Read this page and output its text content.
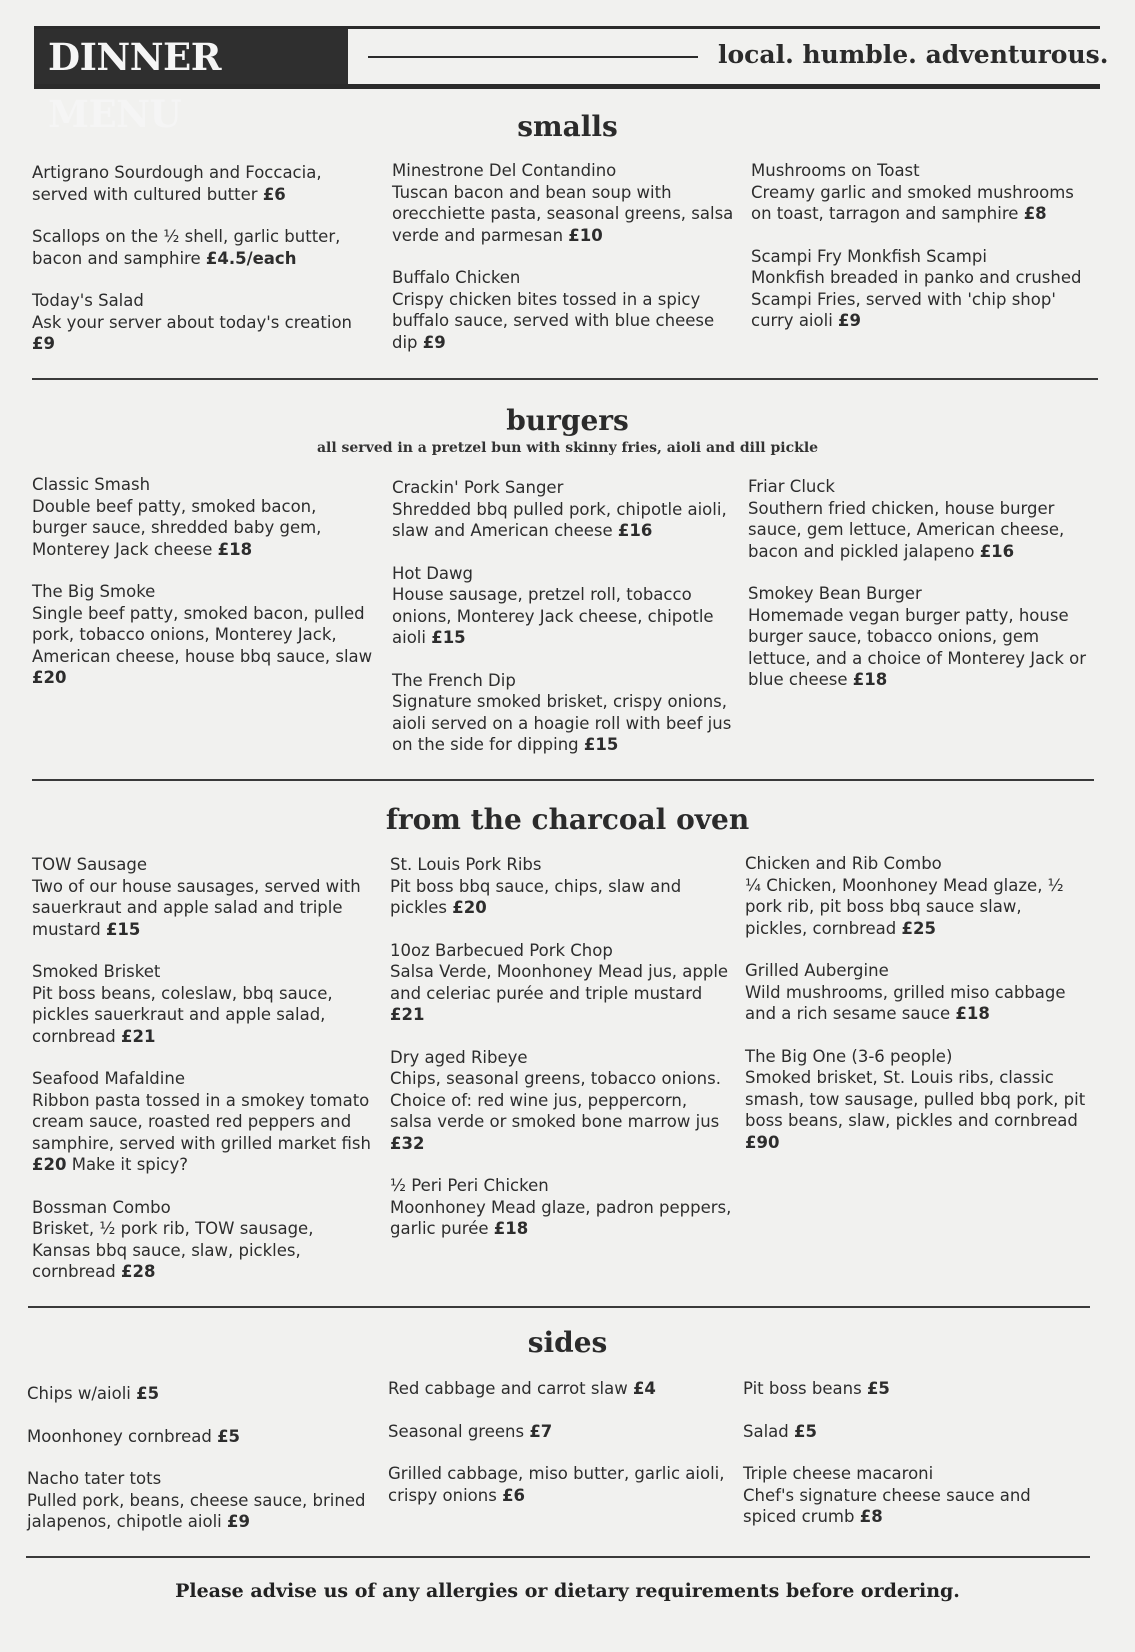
DINNER MENU
local. humble. adventurous.
smalls
Artigrano Sourdough and Foccacia, served with cultured butter £6
Scallops on the ½ shell, garlic butter, bacon and samphire £4.5/each
Today's Salad
Ask your server about today's creation £9
Minestrone Del Contandino
Tuscan bacon and bean soup with orecchiette pasta, seasonal greens, salsa verde and parmesan £10
Buffalo Chicken
Crispy chicken bites tossed in a spicy buffalo sauce, served with blue cheese dip £9
Mushrooms on Toast
Creamy garlic and smoked mushrooms on toast, tarragon and samphire £8
Scampi Fry Monkfish Scampi
Monkfish breaded in panko and crushed Scampi Fries, served with 'chip shop' curry aioli £9
burgers
all served in a pretzel bun with skinny fries, aioli and dill pickle
Classic Smash
Double beef patty, smoked bacon, burger sauce, shredded baby gem, Monterey Jack cheese £18
The Big Smoke
Single beef patty, smoked bacon, pulled pork, tobacco onions, Monterey Jack, American cheese, house bbq sauce, slaw £20
Crackin' Pork Sanger
Shredded bbq pulled pork, chipotle aioli, slaw and American cheese £16
Hot Dawg
House sausage, pretzel roll, tobacco onions, Monterey Jack cheese, chipotle aioli £15
The French Dip
Signature smoked brisket, crispy onions, aioli served on a hoagie roll with beef jus on the side for dipping £15
Friar Cluck
Southern fried chicken, house burger sauce, gem lettuce, American cheese, bacon and pickled jalapeno £16
Smokey Bean Burger
Homemade vegan burger patty, house burger sauce, tobacco onions, gem lettuce, and a choice of Monterey Jack or blue cheese £18
from the charcoal oven
TOW Sausage
Two of our house sausages, served with sauerkraut and apple salad and triple mustard £15
Smoked Brisket
Pit boss beans, coleslaw, bbq sauce, pickles sauerkraut and apple salad, cornbread £21
Seafood Mafaldine
Ribbon pasta tossed in a smokey tomato cream sauce, roasted red peppers and samphire, served with grilled market fish £20 Make it spicy?
Bossman Combo
Brisket, ½ pork rib, TOW sausage, Kansas bbq sauce, slaw, pickles, cornbread £28
St. Louis Pork Ribs
Pit boss bbq sauce, chips, slaw and pickles £20
10oz Barbecued Pork Chop
Salsa Verde, Moonhoney Mead jus, apple and celeriac purée and triple mustard £21
Dry aged Ribeye
Chips, seasonal greens, tobacco onions. Choice of: red wine jus, peppercorn, salsa verde or smoked bone marrow jus £32
½ Peri Peri Chicken
Moonhoney Mead glaze, padron peppers, garlic purée £18
Chicken and Rib Combo
¼ Chicken, Moonhoney Mead glaze, ½ pork rib, pit boss bbq sauce slaw, pickles, cornbread £25
Grilled Aubergine
Wild mushrooms, grilled miso cabbage and a rich sesame sauce £18
The Big One (3-6 people)
Smoked brisket, St. Louis ribs, classic smash, tow sausage, pulled bbq pork, pit boss beans, slaw, pickles and cornbread £90
sides
Chips w/aioli £5
Moonhoney cornbread £5
Nacho tater tots
Pulled pork, beans, cheese sauce, brined jalapenos, chipotle aioli £9
Red cabbage and carrot slaw £4
Seasonal greens £7
Grilled cabbage, miso butter, garlic aioli, crispy onions £6
Pit boss beans £5
Salad £5
Triple cheese macaroni
Chef's signature cheese sauce and spiced crumb £8
Please advise us of any allergies or dietary requirements before ordering.
